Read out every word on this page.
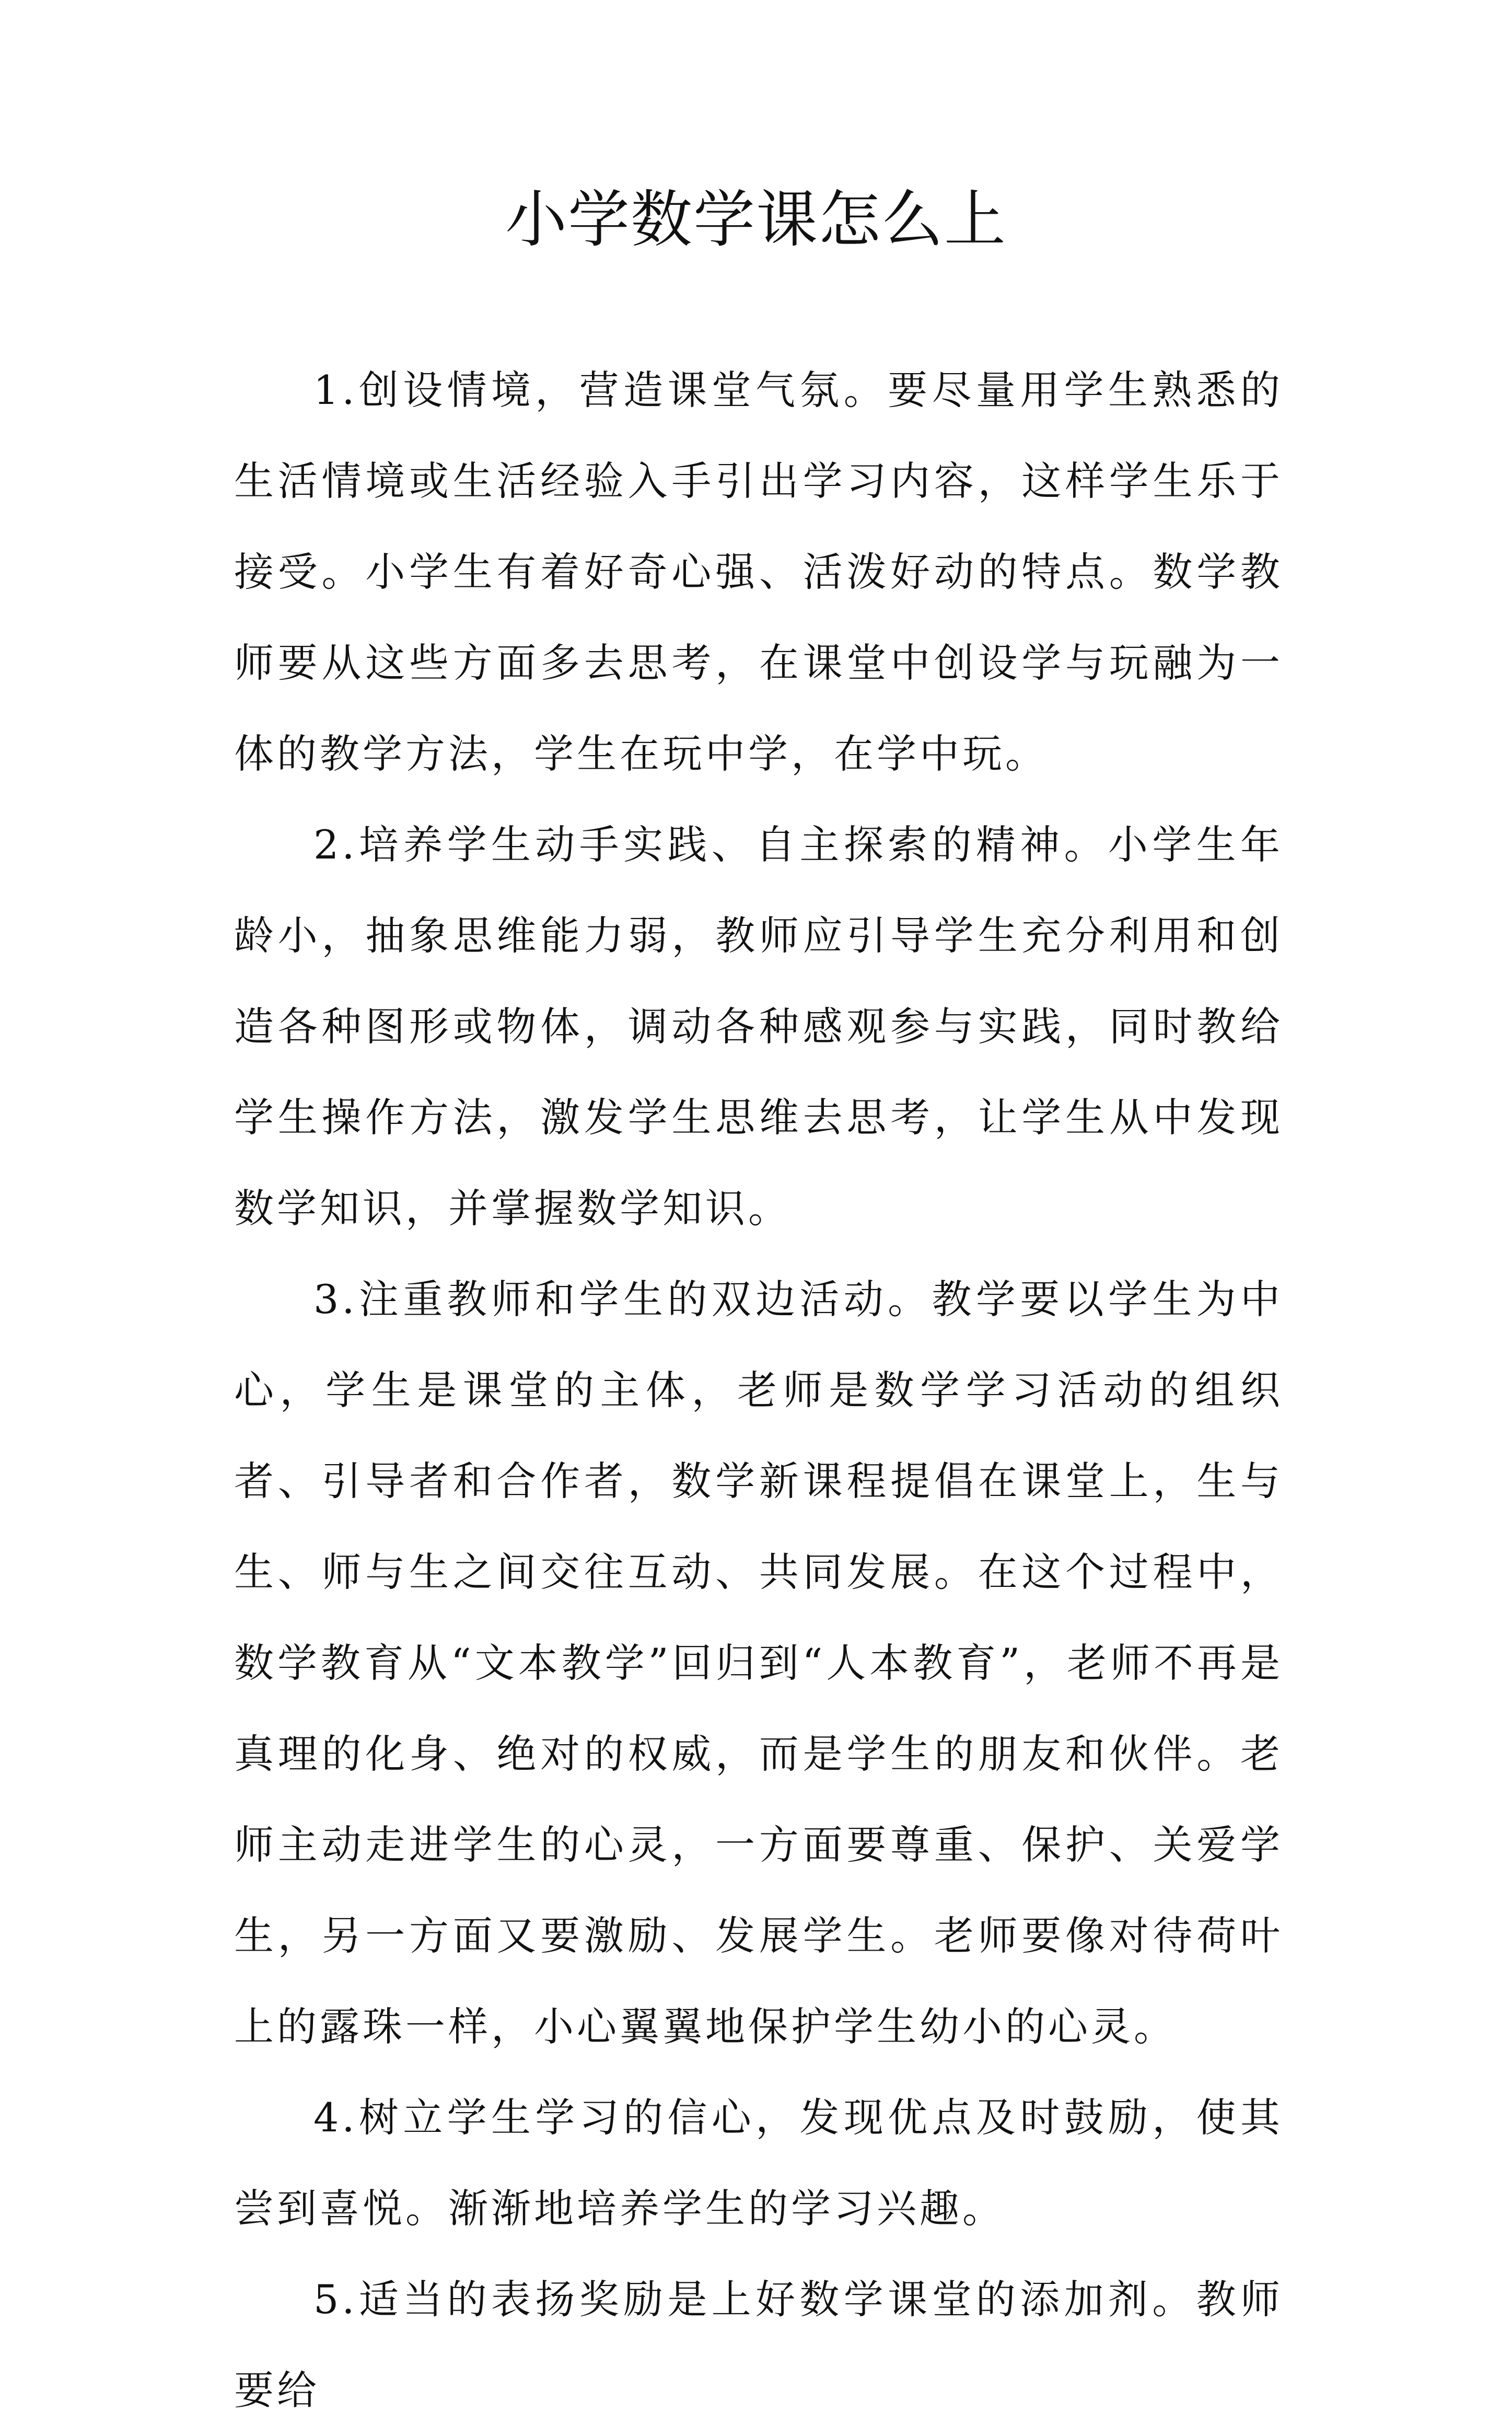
小学数学课怎么上

1.创设情境，营造课堂气氛。要尽量用学生熟悉的生活情境或生活经验入手引出学习内容，这样学生乐于接受。小学生有着好奇心强、活泼好动的特点。数学教师要从这些方面多去思考，在课堂中创设学与玩融为一体的教学方法，学生在玩中学，在学中玩。

2.培养学生动手实践、自主探索的精神。小学生年龄小，抽象思维能力弱，教师应引导学生充分利用和创造各种图形或物体，调动各种感观参与实践，同时教给学生操作方法，激发学生思维去思考，让学生从中发现数学知识，并掌握数学知识。

3.注重教师和学生的双边活动。教学要以学生为中心，学生是课堂的主体，老师是数学学习活动的组织者、引导者和合作者，数学新课程提倡在课堂上，生与生、师与生之间交往互动、共同发展。在这个过程中，数学教育从“文本教学”回归到“人本教育”，老师不再是真理的化身、绝对的权威，而是学生的朋友和伙伴。老师主动走进学生的心灵，一方面要尊重、保护、关爱学生，另一方面又要激励、发展学生。老师要像对待荷叶上的露珠一样，小心翼翼地保护学生幼小的心灵。

4.树立学生学习的信心，发现优点及时鼓励，使其尝到喜悦。渐渐地培养学生的学习兴趣。

5.适当的表扬奖励是上好数学课堂的添加剂。教师要给
